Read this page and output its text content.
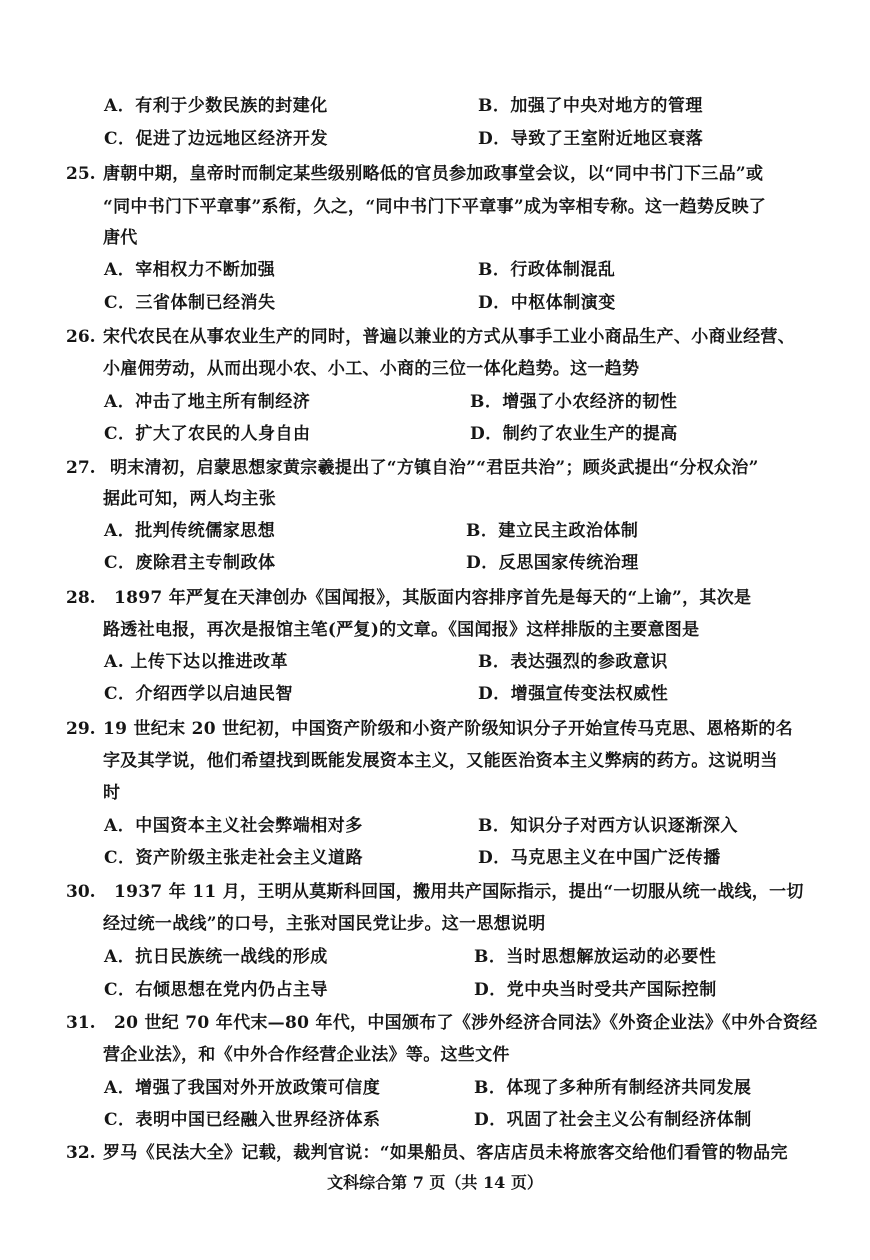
A．有利于少数民族的封建化	B．加强了中央对地方的管理
C．促进了边远地区经济开发	D．导致了王室附近地区衰落
25. 唐朝中期，皇帝时而制定某些级别略低的官员参加政事堂会议，以“同中书门下三品”或
“同中书门下平章事”系衔，久之，“同中书门下平章事”成为宰相专称。这一趋势反映了
唐代
A．宰相权力不断加强	B．行政体制混乱
C．三省体制已经消失	D．中枢体制演变
26. 宋代农民在从事农业生产的同时，普遍以兼业的方式从事手工业小商品生产、小商业经营、
小雇佣劳动，从而出现小农、小工、小商的三位一体化趋势。这一趋势
A．冲击了地主所有制经济	B．增强了小农经济的韧性
C．扩大了农民的人身自由	D．制约了农业生产的提高
27. 明末清初，启蒙思想家黄宗羲提出了“方镇自治”“君臣共治”；顾炎武提出“分权众治”
据此可知，两人均主张
A．批判传统儒家思想	B．建立民主政治体制
C．废除君主专制政体	D．反思国家传统治理
28. 1897 年严复在天津创办《国闻报》，其版面内容排序首先是每天的“上谕”，其次是
路透社电报，再次是报馆主笔(严复)的文章。《国闻报》这样排版的主要意图是
A. 上传下达以推进改革	B．表达强烈的参政意识
C．介绍西学以启迪民智	D．增强宣传变法权威性
29. 19 世纪末 20 世纪初，中国资产阶级和小资产阶级知识分子开始宣传马克思、恩格斯的名
字及其学说，他们希望找到既能发展资本主义，又能医治资本主义弊病的药方。这说明当
时
A．中国资本主义社会弊端相对多	B．知识分子对西方认识逐渐深入
C．资产阶级主张走社会主义道路	D．马克思主义在中国广泛传播
30. 1937 年 11 月，王明从莫斯科回国，搬用共产国际指示，提出“一切服从统一战线，一切
经过统一战线”的口号，主张对国民党让步。这一思想说明
A．抗日民族统一战线的形成	B．当时思想解放运动的必要性
C．右倾思想在党内仍占主导	D．党中央当时受共产国际控制
31. 20 世纪 70 年代末—80 年代，中国颁布了《涉外经济合同法》《外资企业法》《中外合资经
营企业法》，和《中外合作经营企业法》等。这些文件
A．增强了我国对外开放政策可信度	B．体现了多种所有制经济共同发展
C．表明中国已经融入世界经济体系	D．巩固了社会主义公有制经济体制
32. 罗马《民法大全》记载，裁判官说：“如果船员、客店店员未将旅客交给他们看管的物品完
文科综合第 7 页（共 14 页）
